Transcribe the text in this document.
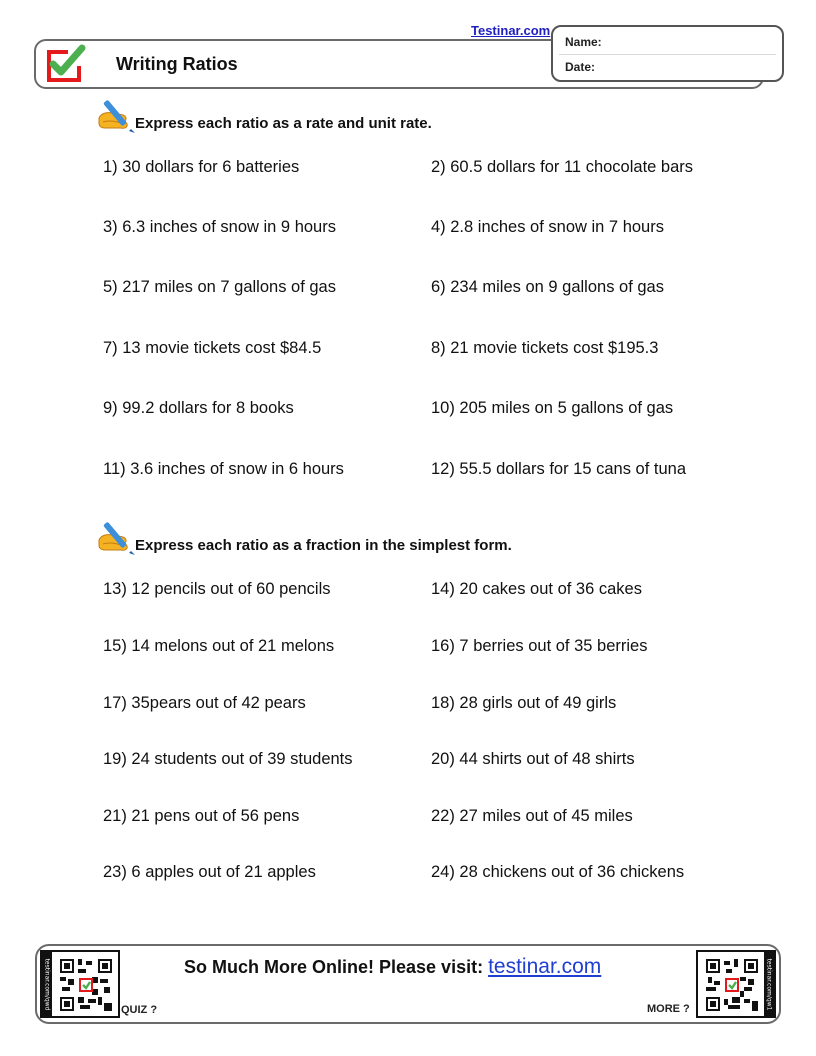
Writing Ratios
Testinar.com
Name:
Date:
Express each ratio as a rate and unit rate.
1) 30 dollars for 6 batteries	2) 60.5 dollars for 11 chocolate bars
3) 6.3 inches of snow in 9 hours	4) 2.8 inches of snow in 7 hours
5) 217 miles on 7 gallons of gas	6) 234 miles on 9 gallons of gas
7) 13 movie tickets cost $84.5	8) 21 movie tickets cost $195.3
9) 99.2 dollars for 8 books	10) 205 miles on 5 gallons of gas
11) 3.6 inches of snow in 6 hours	12) 55.5 dollars for 15 cans of tuna
Express each ratio as a fraction in the simplest form.
13) 12 pencils out of 60 pencils	14) 20 cakes out of 36 cakes
15) 14 melons out of 21 melons	16) 7 berries out of 35 berries
17) 35pears out of 42 pears	18) 28 girls out of 49 girls
19) 24 students out of 39 students	20) 44 shirts out of 48 shirts
21) 21 pens out of 56 pens	22) 27 miles out of 45 miles
23) 6 apples out of 21 apples	24) 28 chickens out of 36 chickens
testinar.com/qwd
QUIZ ?
So Much More Online! Please visit: testinar.com
MORE ?	testinar.com/qw1
